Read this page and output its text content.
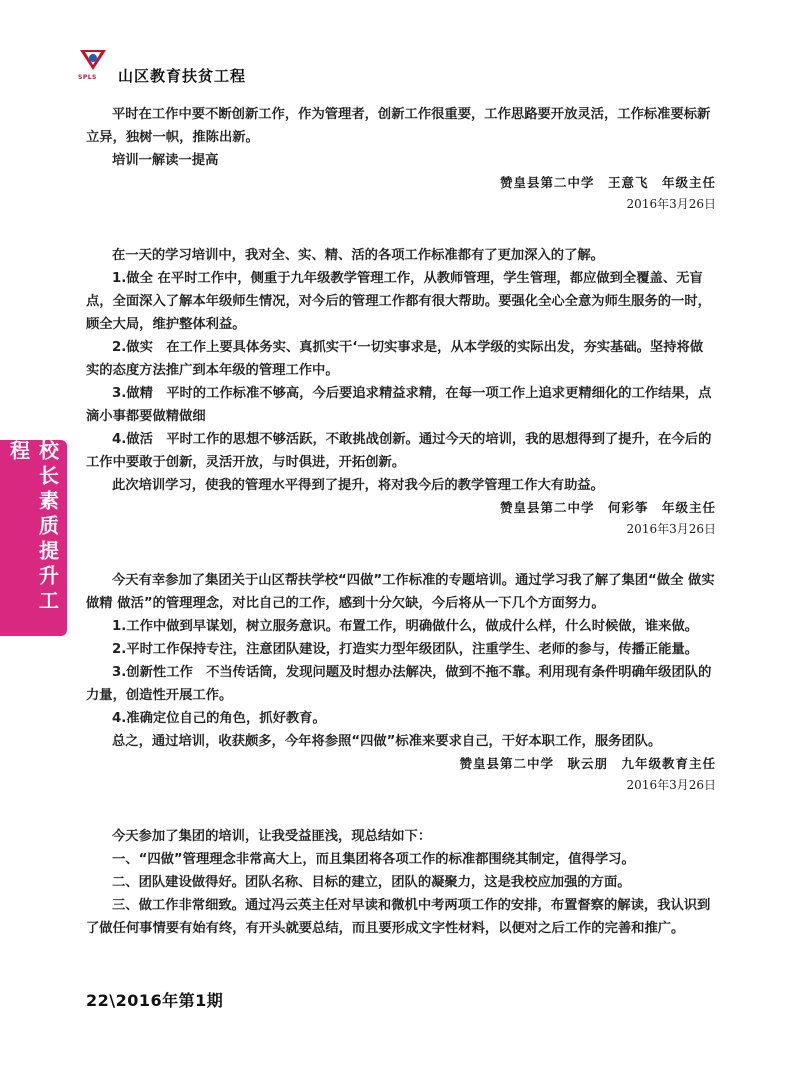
SPLS 山区教育扶贫工程
校长素质提升工程

平时在工作中要不断创新工作，作为管理者，创新工作很重要，工作思路要开放灵活，工作标准要标新立异，独树一帜，推陈出新。

培训一解读一提高

赞皇县第二中学　王意飞　年级主任

2016年3月26日

在一天的学习培训中，我对全、实、精、活的各项工作标准都有了更加深入的了解。

1.做全 在平时工作中，侧重于九年级教学管理工作，从教师管理，学生管理，都应做到全覆盖、无盲点，全面深入了解本年级师生情况，对今后的管理工作都有很大帮助。要强化全心全意为师生服务的一时，顾全大局，维护整体利益。

2.做实　在工作上要具体务实、真抓实干‘一切实事求是，从本学级的实际出发，夯实基础。坚持将做实的态度方法推广到本年级的管理工作中。

3.做精　平时的工作标准不够高，今后要追求精益求精，在每一项工作上追求更精细化的工作结果，点滴小事都要做精做细

4.做活　平时工作的思想不够活跃，不敢挑战创新。通过今天的培训，我的思想得到了提升，在今后的工作中要敢于创新，灵活开放，与时俱进，开拓创新。

此次培训学习，使我的管理水平得到了提升，将对我今后的教学管理工作大有助益。

赞皇县第二中学　何彩筝　年级主任

2016年3月26日

今天有幸参加了集团关于山区帮扶学校“四做”工作标准的专题培训。通过学习我了解了集团“做全 做实 做精 做活”的管理理念，对比自己的工作，感到十分欠缺，今后将从一下几个方面努力。

1.工作中做到早谋划，树立服务意识。布置工作，明确做什么，做成什么样，什么时候做，谁来做。

2.平时工作保持专注，注意团队建设，打造实力型年级团队，注重学生、老师的参与，传播正能量。

3.创新性工作　不当传话筒，发现问题及时想办法解决，做到不拖不靠。利用现有条件明确年级团队的力量，创造性开展工作。

4.准确定位自己的角色，抓好教育。

总之，通过培训，收获颇多，今年将参照“四做”标准来要求自己，干好本职工作，服务团队。

赞皇县第二中学　耿云朋　九年级教育主任

2016年3月26日

今天参加了集团的培训，让我受益匪浅，现总结如下：

一、“四做”管理理念非常高大上，而且集团将各项工作的标准都围绕其制定，值得学习。

二、团队建设做得好。团队名称、目标的建立，团队的凝聚力，这是我校应加强的方面。

三、做工作非常细致。通过冯云英主任对早读和微机中考两项工作的安排，布置督察的解读，我认识到了做任何事情要有始有终，有开头就要总结，而且要形成文字性材料，以便对之后工作的完善和推广。

22\2016年第1期
